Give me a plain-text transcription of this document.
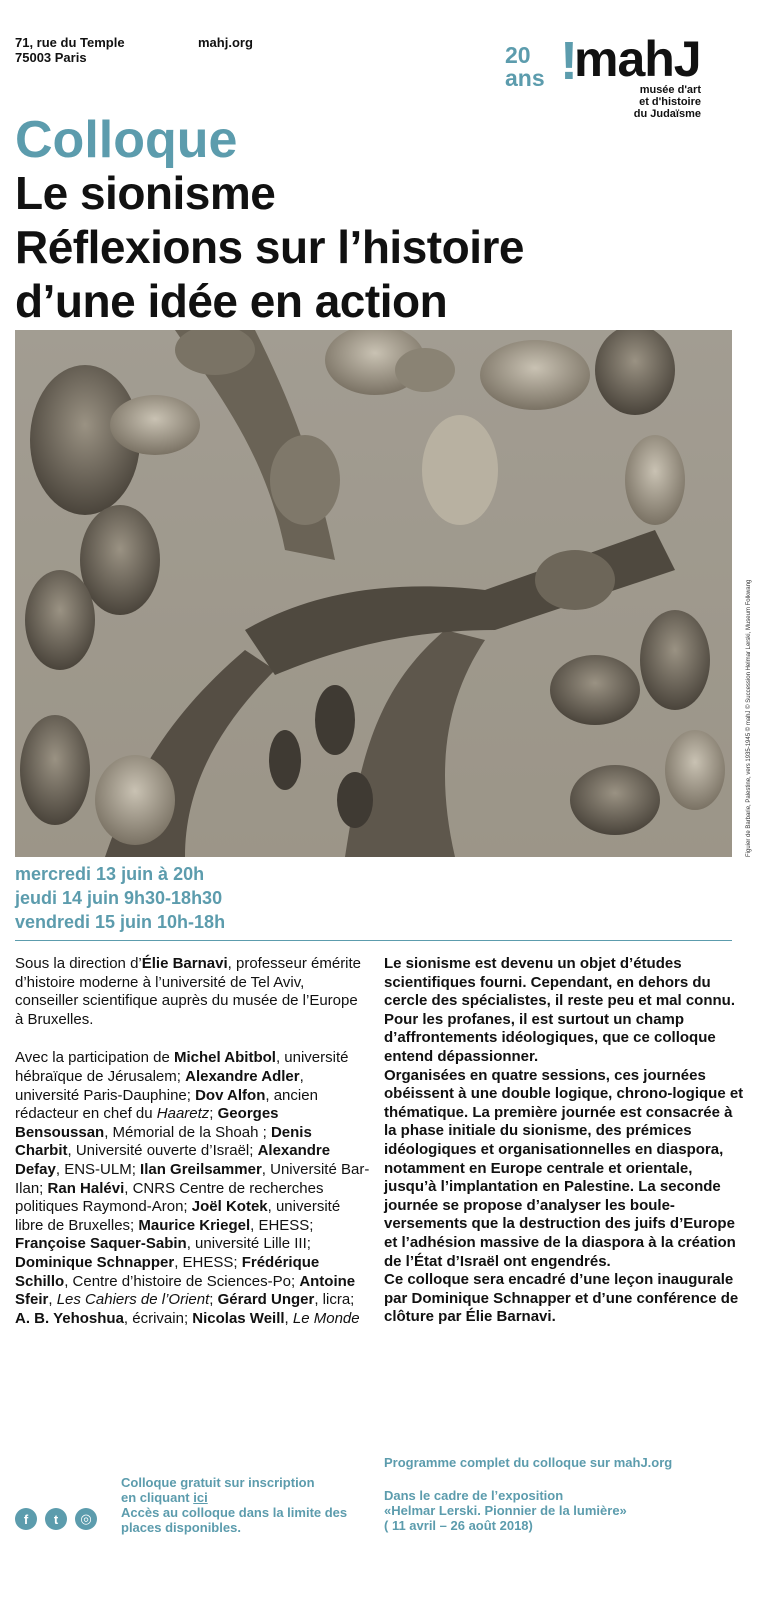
71, rue du Temple
75003 Paris
mahj.org	20
ans !
mahJ
musée d'art
et d'histoire
du Judaïsme
Colloque
Le sionisme
Réflexions sur l’histoire
d’une idée en action
Figuier de Barbarie, Palestine, vers 1935-1945 © mahJ © Succession Helmar Lerski, Museum Folkwang
mercredi 13 juin à 20h
jeudi 14 juin 9h30-18h30
vendredi 15 juin 10h-18h

Sous la direction d’Élie Barnavi, professeur émérite d’histoire moderne à l’université de Tel Aviv, conseiller scientifique auprès du musée de l’Europe à Bruxelles.

Avec la participation de Michel Abitbol, université hébraïque de Jérusalem; Alexandre Adler, université Paris-Dauphine; Dov Alfon, ancien rédacteur en chef du Haaretz; Georges Bensoussan, Mémorial de la Shoah ; Denis Charbit, Université ouverte d’Israël; Alexandre Defay, ENS-ULM; Ilan Greilsammer, Université Bar-Ilan; Ran Halévi, CNRS Centre de recherches politiques Raymond-Aron; Joël Kotek, université libre de Bruxelles; Maurice Kriegel, EHESS; Françoise Saquer-Sabin, université Lille III; Dominique Schnapper, EHESS; Frédérique Schillo, Centre d’histoire de Sciences-Po; Antoine Sfeir, Les Cahiers de l’Orient; Gérard Unger, licra; A. B. Yehoshua, écrivain; Nicolas Weill, Le Monde

Le sionisme est devenu un objet d’études scientifiques fourni. Cependant, en dehors du cercle des spécialistes, il reste peu et mal connu. Pour les profanes, il est surtout un champ d’affrontements idéologiques, que ce colloque entend dépassionner.

Organisées en quatre sessions, ces journées obéissent à une double logique, chrono-logique et thématique. La première journée est consacrée à la phase initiale du sionisme, des prémices idéologiques et organisationnelles en diaspora, notamment en Europe centrale et orientale, jusqu’à l’implantation en Palestine. La seconde journée se propose d’analyser les boule-versements que la destruction des juifs d’Europe et l’adhésion massive de la diaspora à la création de l’État d’Israël ont engendrés.

Ce colloque sera encadré d’une leçon inaugurale par Dominique Schnapper et d’une conférence de clôture par Élie Barnavi.

Programme complet du colloque sur mahJ.org
Colloque gratuit sur inscription
en cliquant ici
Accès au colloque dans la limite des
places disponibles.
Dans le cadre de l’exposition
«Helmar Lerski. Pionnier de la lumière»
( 11 avril – 26 août 2018)
f	t	◎
